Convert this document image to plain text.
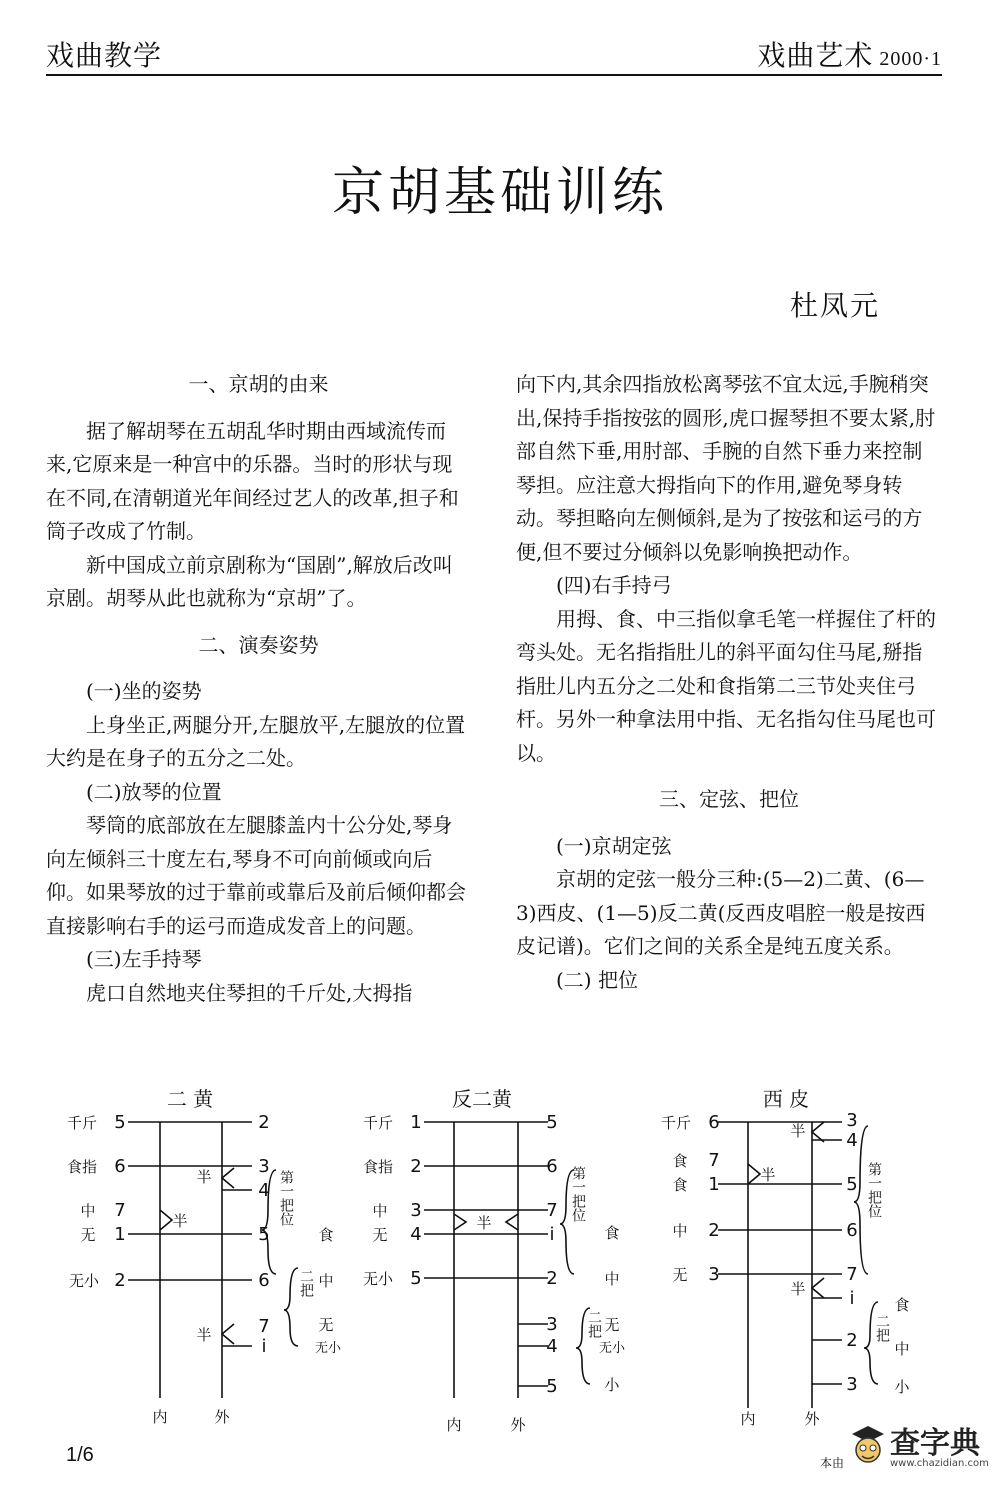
戏曲教学	戏曲艺术 2000·1
京胡基础训练
杜凤元

一、京胡的由来

据了解胡琴在五胡乱华时期由西域流传而来,它原来是一种宫中的乐器。当时的形状与现在不同,在清朝道光年间经过艺人的改革,担子和筒子改成了竹制。

新中国成立前京剧称为“国剧”,解放后改叫京剧。胡琴从此也就称为“京胡”了。

二、演奏姿势

(一)坐的姿势

上身坐正,两腿分开,左腿放平,左腿放的位置大约是在身子的五分之二处。

(二)放琴的位置

琴筒的底部放在左腿膝盖内十公分处,琴身向左倾斜三十度左右,琴身不可向前倾或向后仰。如果琴放的过于靠前或靠后及前后倾仰都会直接影响右手的运弓而造成发音上的问题。

(三)左手持琴

虎口自然地夹住琴担的千斤处,大拇指

向下内,其余四指放松离琴弦不宜太远,手腕稍突出,保持手指按弦的圆形,虎口握琴担不要太紧,肘部自然下垂,用肘部、手腕的自然下垂力来控制琴担。应注意大拇指向下的作用,避免琴身转动。琴担略向左侧倾斜,是为了按弦和运弓的方便,但不要过分倾斜以免影响换把动作。

(四)右手持弓

用拇、食、中三指似拿毛笔一样握住了杆的弯头处。无名指指肚儿的斜平面勾住马尾,掰指指肚儿内五分之二处和食指第二三节处夹住弓杆。另外一种拿法用中指、无名指勾住马尾也可以。

三、定弦、把位

(一)京胡定弦

京胡的定弦一般分三种:(5—2)二黄、(6—3)西皮、(1—5)反二黄(反西皮唱腔一般是按西皮记谱)。它们之间的关系全是纯五度关系。

(二) 把位

二 黄
千斤 5
食指 6
中 7
无 1
无小 2
2
3
4
5
6
7
i
半
半
半
第一把位
二把
食
中
无
无小
内	外
反二黄
千斤 1
食指 2
中 3
无 4
无小 5
5
6
7
i
2
3
4
5
半
第一把位
二把
食
中
无
无小
小
内	外
西 皮
千斤 6
食 7
食 1
中 2
无 3
3
4
5
6
7
i
2
3
半
半
半
第一把位
二把
食
中
小
内	外
1/6	本由
查字典
www.chazidian.com
